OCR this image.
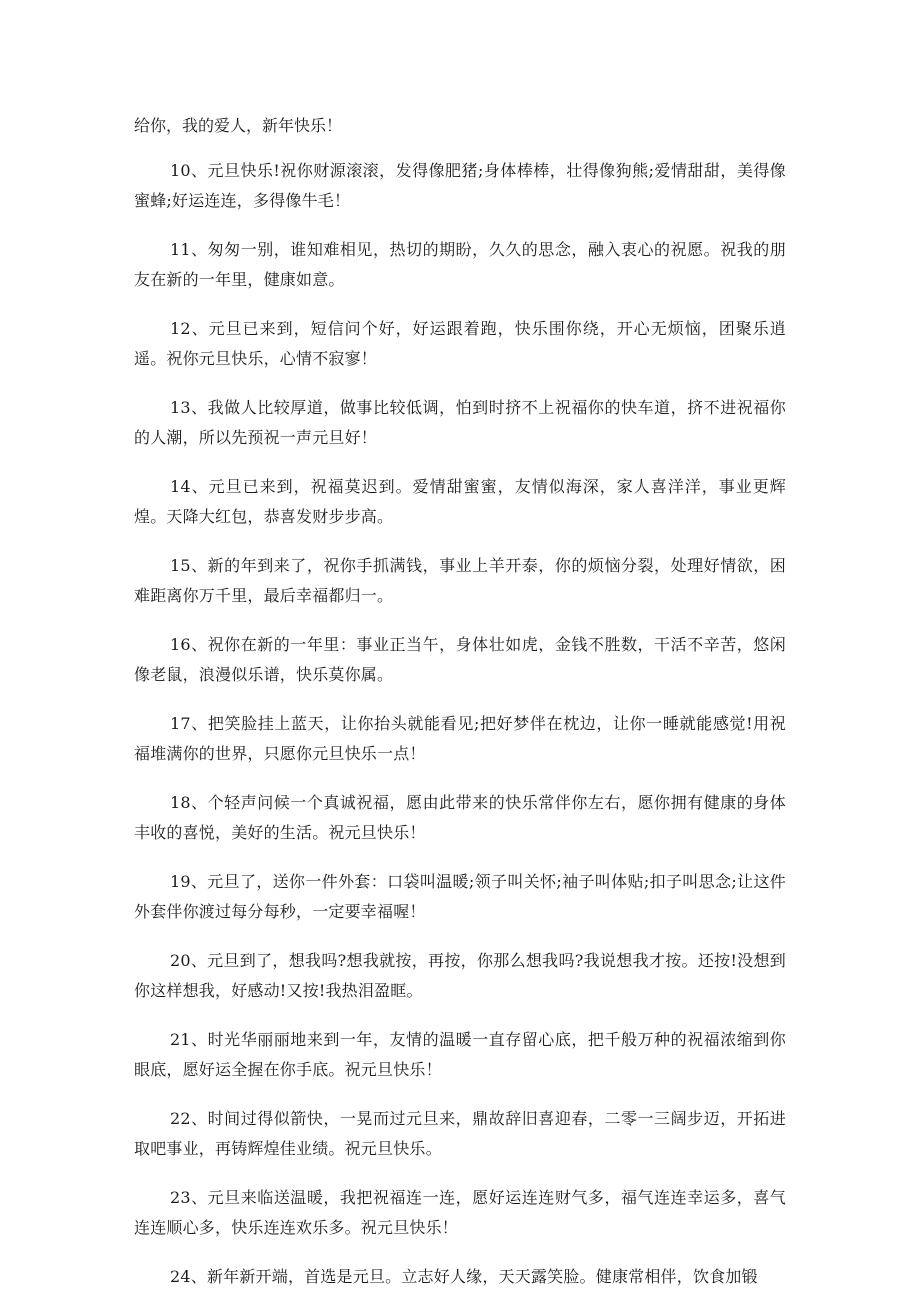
给你，我的爱人，新年快乐！

10、元旦快乐!祝你财源滚滚，发得像肥猪;身体棒棒，壮得像狗熊;爱情甜甜，美得像蜜蜂;好运连连，多得像牛毛！

11、匆匆一别，谁知难相见，热切的期盼，久久的思念，融入衷心的祝愿。祝我的朋友在新的一年里，健康如意。

12、元旦已来到，短信问个好，好运跟着跑，快乐围你绕，开心无烦恼，团聚乐逍遥。祝你元旦快乐，心情不寂寥！

13、我做人比较厚道，做事比较低调，怕到时挤不上祝福你的快车道，挤不进祝福你的人潮，所以先预祝一声元旦好！

14、元旦已来到，祝福莫迟到。爱情甜蜜蜜，友情似海深，家人喜洋洋，事业更辉煌。天降大红包，恭喜发财步步高。

15、新的年到来了，祝你手抓满钱，事业上羊开泰，你的烦恼分裂，处理好情欲，困难距离你万千里，最后幸福都归一。

16、祝你在新的一年里：事业正当午，身体壮如虎，金钱不胜数，干活不辛苦，悠闲像老鼠，浪漫似乐谱，快乐莫你属。

17、把笑脸挂上蓝天，让你抬头就能看见;把好梦伴在枕边，让你一睡就能感觉!用祝福堆满你的世界，只愿你元旦快乐一点！

18、个轻声问候一个真诚祝福，愿由此带来的快乐常伴你左右，愿你拥有健康的身体丰收的喜悦，美好的生活。祝元旦快乐！

19、元旦了，送你一件外套：口袋叫温暖;领子叫关怀;袖子叫体贴;扣子叫思念;让这件外套伴你渡过每分每秒，一定要幸福喔！

20、元旦到了，想我吗?想我就按，再按，你那么想我吗?我说想我才按。还按!没想到你这样想我，好感动!又按!我热泪盈眶。

21、时光华丽丽地来到一年，友情的温暖一直存留心底，把千般万种的祝福浓缩到你眼底，愿好运全握在你手底。祝元旦快乐！

22、时间过得似箭快，一晃而过元旦来，鼎故辞旧喜迎春，二零一三阔步迈，开拓进取吧事业，再铸辉煌佳业绩。祝元旦快乐。

23、元旦来临送温暖，我把祝福连一连，愿好运连连财气多，福气连连幸运多，喜气连连顺心多，快乐连连欢乐多。祝元旦快乐！

24、新年新开端，首选是元旦。立志好人缘，天天露笑脸。健康常相伴，饮食加锻
